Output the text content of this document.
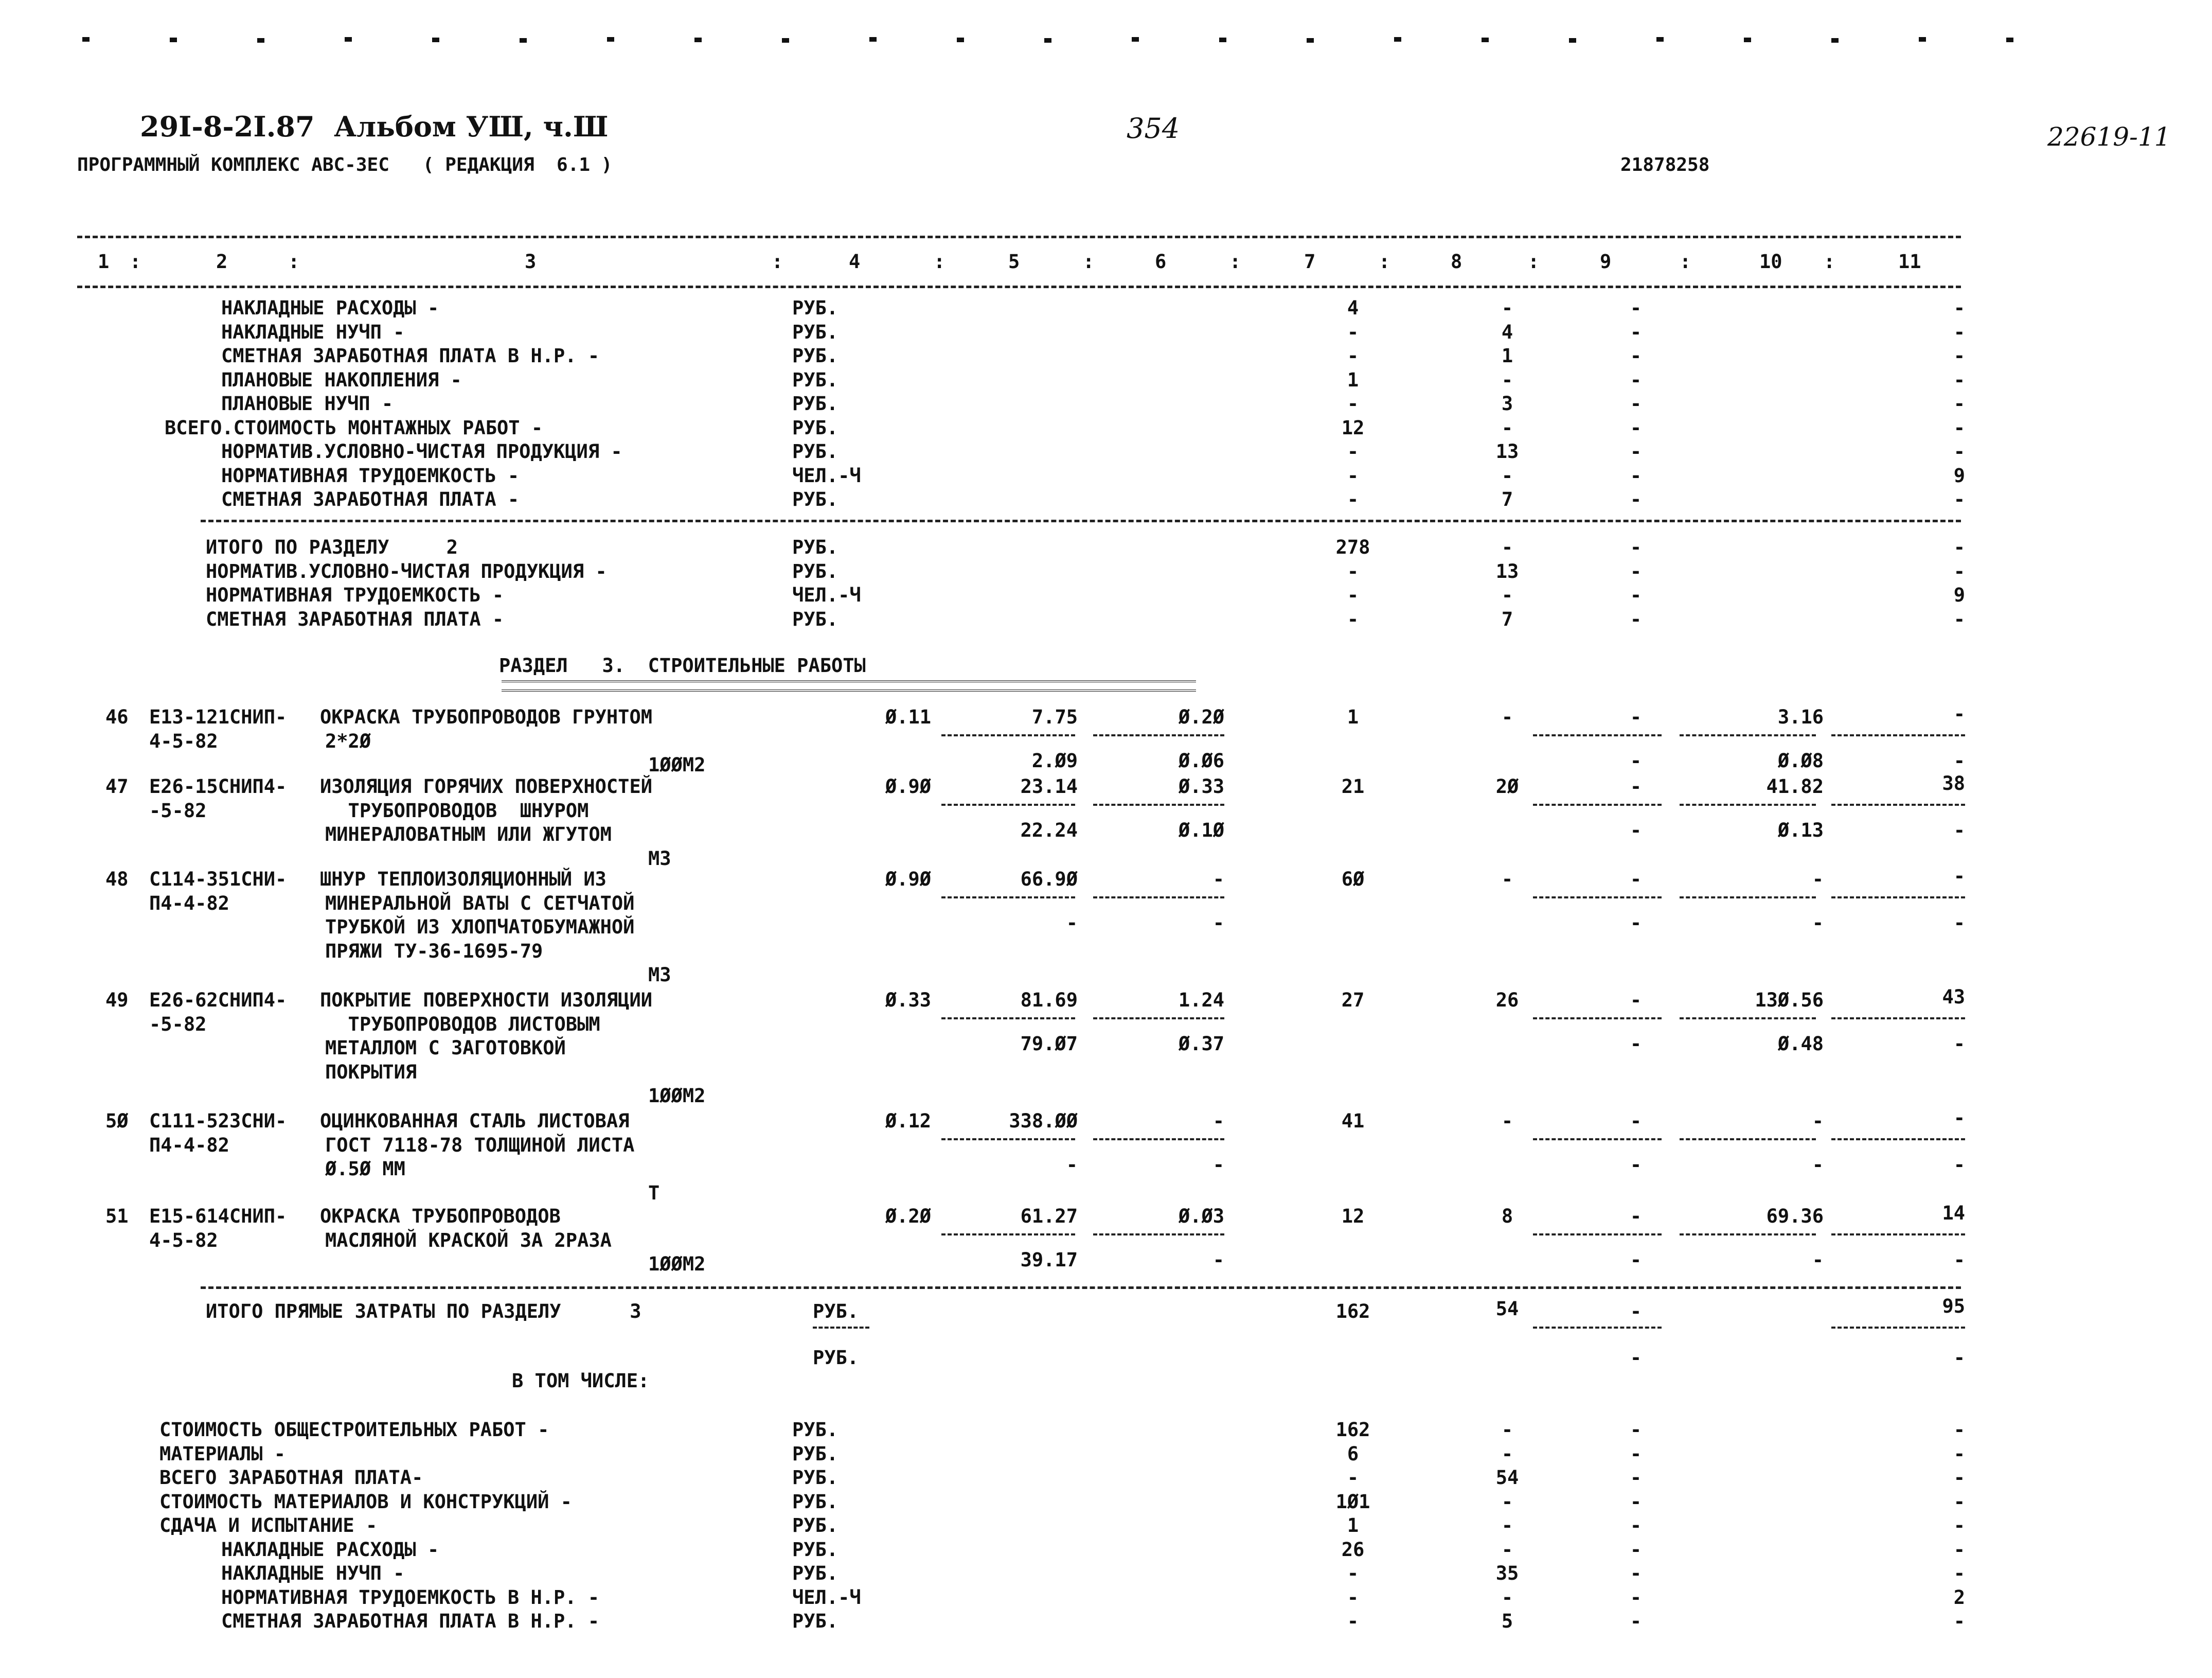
29I-8-2I.87  Альбом УШ, ч.Ш
ПРОГРАММНЫЙ КОМПЛЕКС АВС-3ЕС   ( РЕДАКЦИЯ  6.1 )
354
21878258
22619-11
1	2	3	4	5	6	7	8	9	10	11
:	:	:	:	:	:	:	:	:	:
НАКЛАДНЫЕ РАСХОДЫ -	РУБ.	4	-	-	-
НАКЛАДНЫЕ НУЧП -	РУБ.	-	4	-	-
СМЕТНАЯ ЗАРАБОТНАЯ ПЛАТА В Н.Р. -	РУБ.	-	1	-	-
ПЛАНОВЫЕ НАКОПЛЕНИЯ -	РУБ.	1	-	-	-
ПЛАНОВЫЕ НУЧП -	РУБ.	-	3	-	-
ВСЕГО.СТОИМОСТЬ МОНТАЖНЫХ РАБОТ -	РУБ.	12	-	-	-
НОРМАТИВ.УСЛОВНО-ЧИСТАЯ ПРОДУКЦИЯ -	РУБ.	-	13	-	-
НОРМАТИВНАЯ ТРУДОЕМКОСТЬ -	ЧЕЛ.-Ч	-	-	-	9
СМЕТНАЯ ЗАРАБОТНАЯ ПЛАТА -	РУБ.	-	7	-	-
ИТОГО ПО РАЗДЕЛУ     2	РУБ.	278	-	-	-
НОРМАТИВ.УСЛОВНО-ЧИСТАЯ ПРОДУКЦИЯ -	РУБ.	-	13	-	-
НОРМАТИВНАЯ ТРУДОЕМКОСТЬ -	ЧЕЛ.-Ч	-	-	-	9
СМЕТНАЯ ЗАРАБОТНАЯ ПЛАТА -	РУБ.	-	7	-	-
РАЗДЕЛ   3.  СТРОИТЕЛЬНЫЕ РАБОТЫ
46 Е13-121СНИП-
4-5-82
ОКРАСКА ТРУБОПРОВОДОВ ГРУНТОМ
2*2Ø
1ØØМ2
Ø.11	7.75	Ø.2Ø	1	-	-	3.16	-
2.Ø9	Ø.Ø6	-	Ø.Ø8	-
47 Е26-15СНИП4-
-5-82
ИЗОЛЯЦИЯ ГОРЯЧИХ ПОВЕРХНОСТЕЙ
ТРУБОПРОВОДОВ  ШНУРОМ
МИНЕРАЛОВАТНЫМ ИЛИ ЖГУТОМ
М3
Ø.9Ø	23.14	Ø.33	21	2Ø	-	41.82	38
22.24	Ø.1Ø	-	Ø.13	-
48 С114-351СНИ-
П4-4-82
ШНУР ТЕПЛОИЗОЛЯЦИОННЫЙ ИЗ
МИНЕРАЛЬНОЙ ВАТЫ С СЕТЧАТОЙ
ТРУБКОЙ ИЗ ХЛОПЧАТОБУМАЖНОЙ
ПРЯЖИ ТУ-36-1695-79
М3
Ø.9Ø	66.9Ø	-	6Ø	-	-	-	-
-	-	-	-	-
49 Е26-62СНИП4-
-5-82
ПОКРЫТИЕ ПОВЕРХНОСТИ ИЗОЛЯЦИИ
ТРУБОПРОВОДОВ ЛИСТОВЫМ
МЕТАЛЛОМ С ЗАГОТОВКОЙ
ПОКРЫТИЯ
1ØØМ2
Ø.33	81.69	1.24	27	26	-	13Ø.56	43
79.Ø7	Ø.37	-	Ø.48	-
5Ø С111-523СНИ-
П4-4-82
ОЦИНКОВАННАЯ СТАЛЬ ЛИСТОВАЯ
ГОСТ 7118-78 ТОЛЩИНОЙ ЛИСТА
Ø.5Ø ММ
Т
Ø.12	338.ØØ	-	41	-	-	-	-
-	-	-	-	-
51 Е15-614СНИП-
4-5-82
ОКРАСКА ТРУБОПРОВОДОВ
МАСЛЯНОЙ КРАСКОЙ ЗА 2РАЗА
1ØØМ2
Ø.2Ø	61.27	Ø.Ø3	12	8	-	69.36	14
39.17	-	-	-	-
ИТОГО ПРЯМЫЕ ЗАТРАТЫ ПО РАЗДЕЛУ      3	РУБ.	162	54	-	95
РУБ.	-	-
В ТОМ ЧИСЛЕ:
СТОИМОСТЬ ОБЩЕСТРОИТЕЛЬНЫХ РАБОТ -	РУБ.	162	-	-	-
МАТЕРИАЛЫ -	РУБ.	6	-	-	-
ВСЕГО ЗАРАБОТНАЯ ПЛАТА-	РУБ.	-	54	-	-
СТОИМОСТЬ МАТЕРИАЛОВ И КОНСТРУКЦИЙ -	РУБ.	1Ø1	-	-	-
СДАЧА И ИСПЫТАНИЕ -	РУБ.	1	-	-	-
НАКЛАДНЫЕ РАСХОДЫ -	РУБ.	26	-	-	-
НАКЛАДНЫЕ НУЧП -	РУБ.	-	35	-	-
НОРМАТИВНАЯ ТРУДОЕМКОСТЬ В Н.Р. -	ЧЕЛ.-Ч	-	-	-	2
СМЕТНАЯ ЗАРАБОТНАЯ ПЛАТА В Н.Р. -	РУБ.	-	5	-	-
